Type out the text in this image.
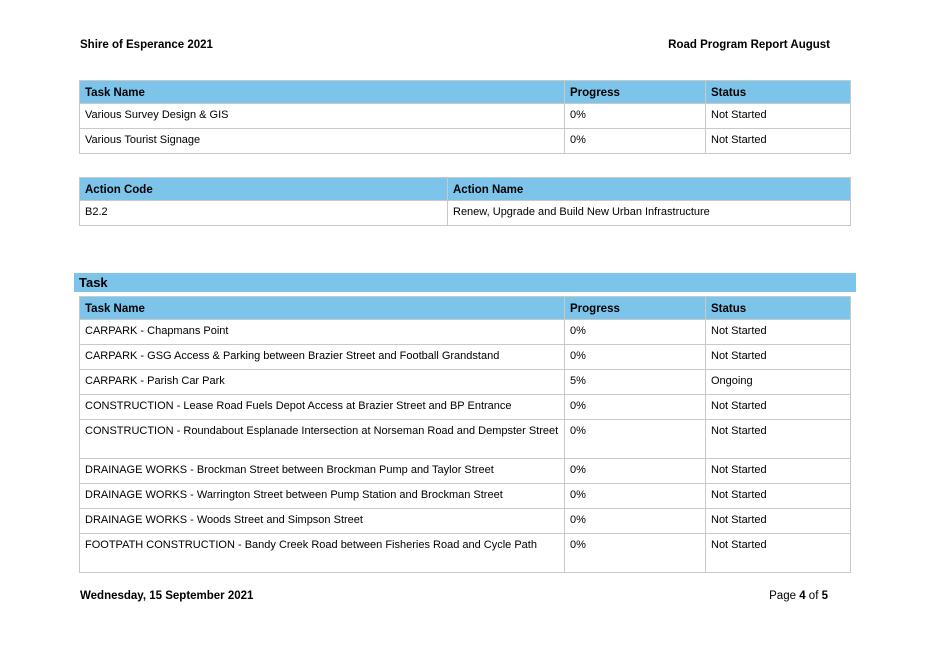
Shire of Esperance 2021	Road Program Report August
Task Name	Progress	Status
Various Survey Design & GIS	0%	Not Started
Various Tourist Signage	0%	Not Started
Action Code	Action Name
B2.2	Renew, Upgrade and Build New Urban Infrastructure
Task
Task Name	Progress	Status
CARPARK - Chapmans Point	0%	Not Started
CARPARK - GSG Access & Parking between Brazier Street and Football Grandstand	0%	Not Started
CARPARK - Parish Car Park	5%	Ongoing
CONSTRUCTION - Lease Road Fuels Depot Access at Brazier Street and BP Entrance	0%	Not Started
CONSTRUCTION - Roundabout Esplanade Intersection at Norseman Road and Dempster Street	0%	Not Started
DRAINAGE WORKS - Brockman Street between Brockman Pump and Taylor Street	0%	Not Started
DRAINAGE WORKS - Warrington Street between Pump Station and Brockman Street	0%	Not Started
DRAINAGE WORKS - Woods Street and Simpson Street	0%	Not Started
FOOTPATH CONSTRUCTION - Bandy Creek Road between Fisheries Road and Cycle Path	0%	Not Started
Wednesday, 15 September 2021	Page 4 of 5
